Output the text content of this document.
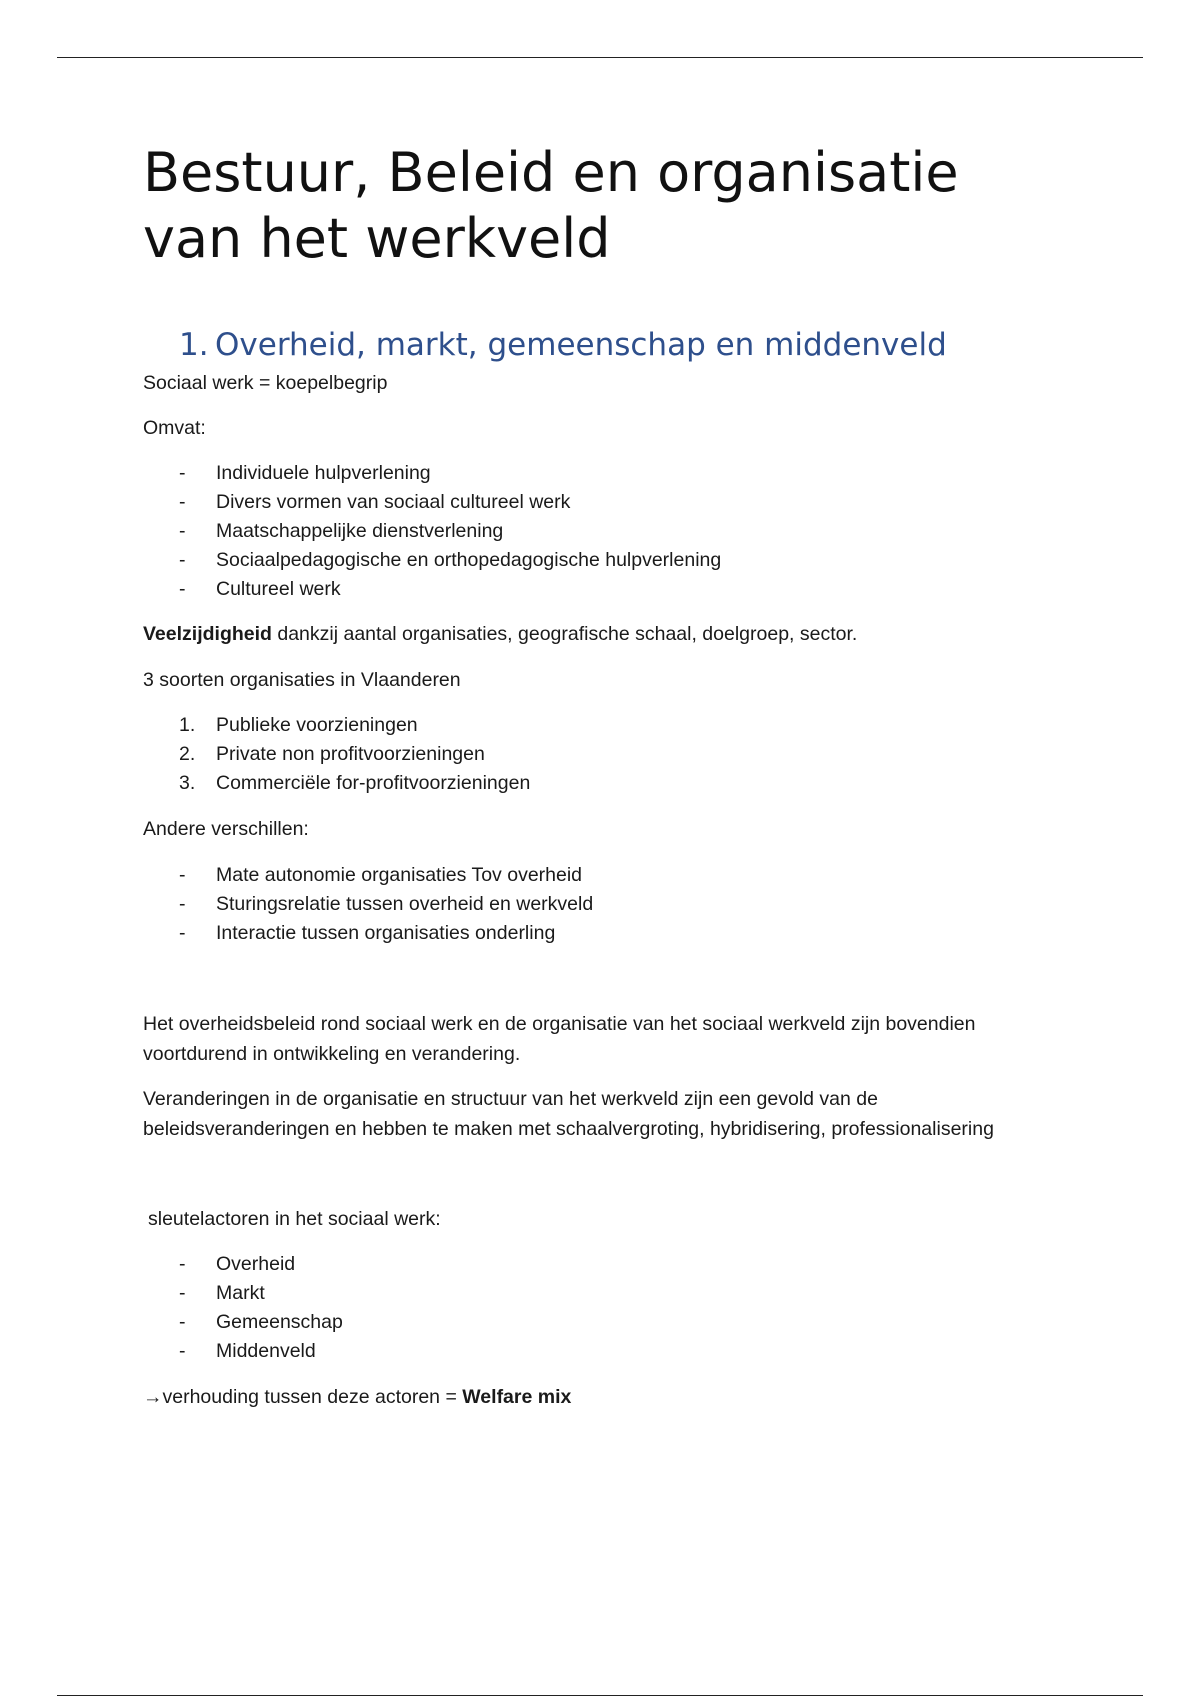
Bestuur, Beleid en organisatie
van het werkveld
1. Overheid, markt, gemeenschap en middenveld

Sociaal werk = koepelbegrip

Omvat:

-	Individuele hulpverlening
-	Divers vormen van sociaal cultureel werk
-	Maatschappelijke dienstverlening
-	Sociaalpedagogische en orthopedagogische hulpverlening
-	Cultureel werk

Veelzijdigheid dankzij aantal organisaties, geografische schaal, doelgroep, sector.

3 soorten organisaties in Vlaanderen

1.	Publieke voorzieningen
2.	Private non profitvoorzieningen
3.	Commerciële for-profitvoorzieningen

Andere verschillen:

-	Mate autonomie organisaties Tov overheid
-	Sturingsrelatie tussen overheid en werkveld
-	Interactie tussen organisaties onderling

Het overheidsbeleid rond sociaal werk en de organisatie van het sociaal werkveld zijn bovendien

voortdurend in ontwikkeling en verandering.

Veranderingen in de organisatie en structuur van het werkveld zijn een gevold van de

beleidsveranderingen en hebben te maken met schaalvergroting, hybridisering, professionalisering

sleutelactoren in het sociaal werk:

-	Overheid
-	Markt
-	Gemeenschap
-	Middenveld

→verhouding tussen deze actoren = Welfare mix
